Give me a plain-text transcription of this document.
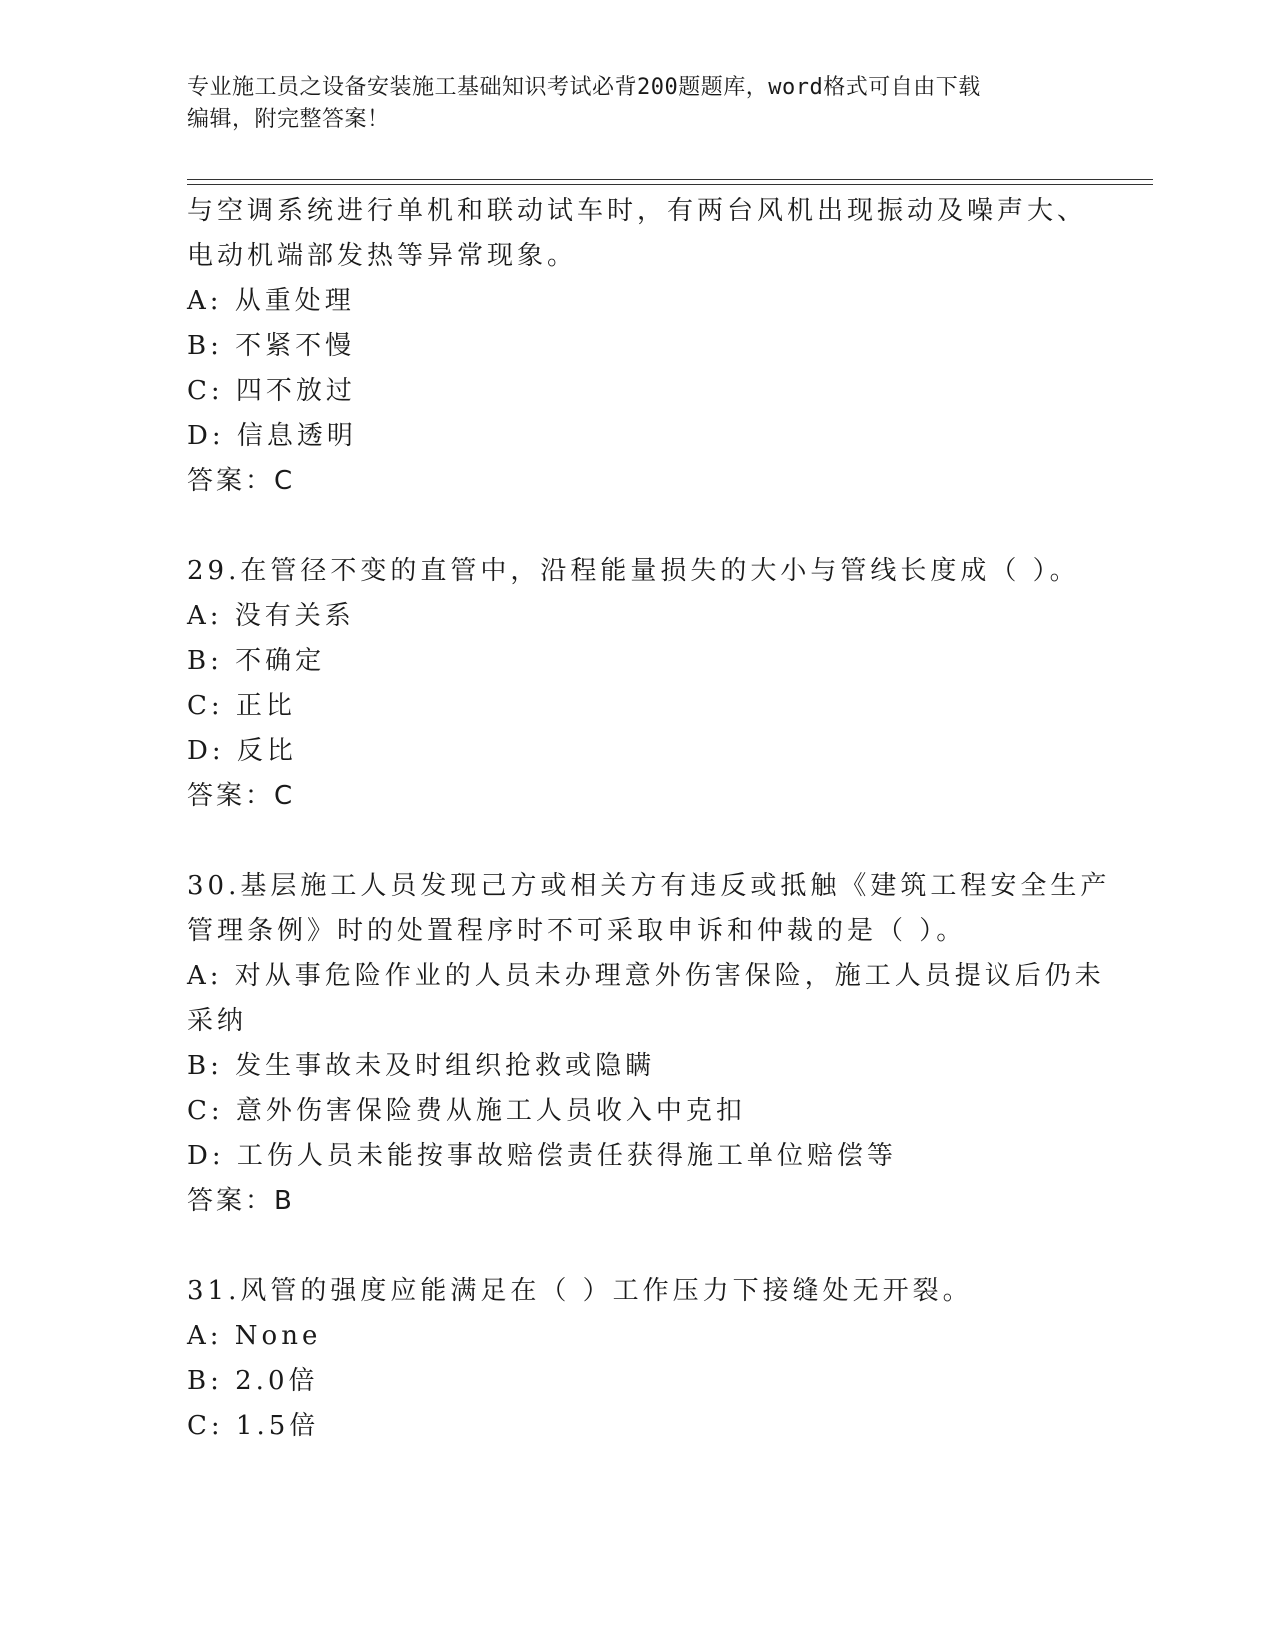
专业施工员之设备安装施工基础知识考试必背200题题库，word格式可自由下载
编辑，附完整答案！
与空调系统进行单机和联动试车时，有两台风机出现振动及噪声大、
电动机端部发热等异常现象。
A: 从重处理
B: 不紧不慢
C: 四不放过
D: 信息透明
答案：C
29.在管径不变的直管中，沿程能量损失的大小与管线长度成（ ）。
A: 没有关系
B: 不确定
C: 正比
D: 反比
答案：C
30.基层施工人员发现己方或相关方有违反或抵触《建筑工程安全生产
管理条例》时的处置程序时不可采取申诉和仲裁的是（ ）。
A: 对从事危险作业的人员未办理意外伤害保险，施工人员提议后仍未
采纳
B: 发生事故未及时组织抢救或隐瞒
C: 意外伤害保险费从施工人员收入中克扣
D: 工伤人员未能按事故赔偿责任获得施工单位赔偿等
答案：B
31.风管的强度应能满足在（ ）工作压力下接缝处无开裂。
A: None
B: 2.0倍
C: 1.5倍
